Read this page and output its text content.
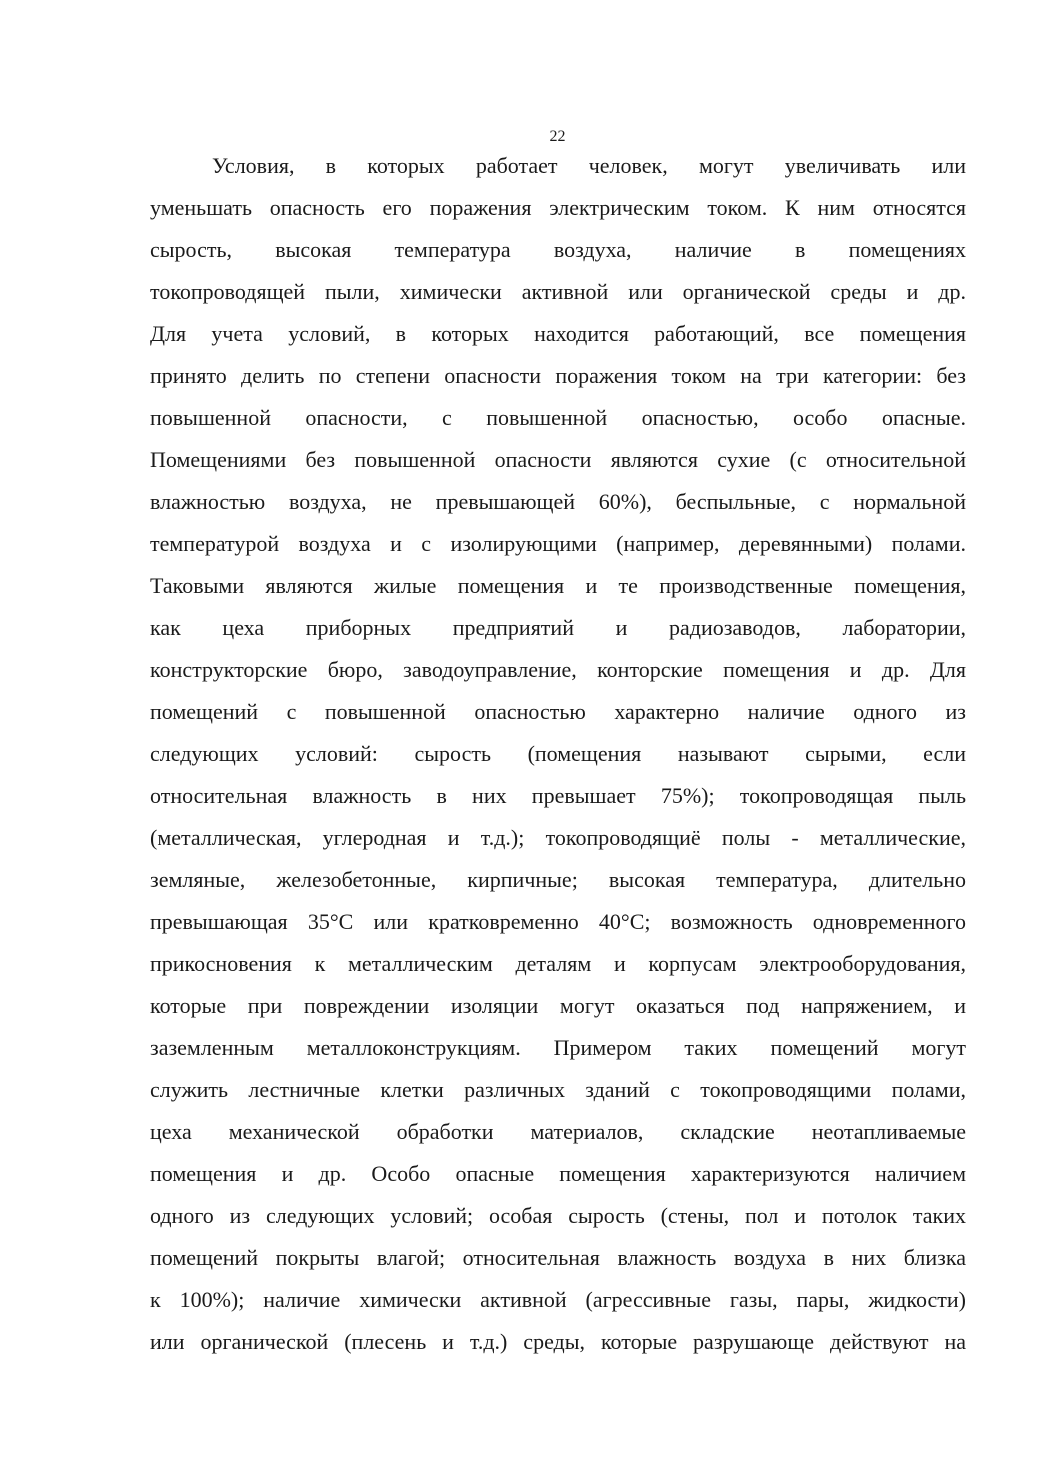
22
Условия, в которых работает человек, могут увеличивать или
уменьшать опасность его поражения электрическим током. К ним относятся
сырость, высокая температура воздуха, наличие в помещениях
токопроводящей пыли, химически активной или органической среды и др.
Для учета условий, в которых находится работающий, все помещения
принято делить по степени опасности поражения током на три категории: без
повышенной опасности, с повышенной опасностью, особо опасные.
Помещениями без повышенной опасности являются сухие (с относительной
влажностью воздуха, не превышающей 60%), беспыльные, с нормальной
температурой воздуха и с изолирующими (например, деревянными) полами.
Таковыми являются жилые помещения и те производственные помещения,
как цеха приборных предприятий и радиозаводов, лаборатории,
конструкторские бюро, заводоуправление, конторские помещения и др. Для
помещений с повышенной опасностью характерно наличие одного из
следующих условий: сырость (помещения называют сырыми, если
относительная влажность в них превышает 75%); токопроводящая пыль
(металлическая, углеродная и т.д.); токопроводящиё полы - металлические,
земляные, железобетонные, кирпичные; высокая температура, длительно
превышающая 35°С или кратковременно 40°С; возможность одновременного
прикосновения к металлическим деталям и корпусам электрооборудования,
которые при повреждении изоляции могут оказаться под напряжением, и
заземленным металлоконструкциям. Примером таких помещений могут
служить лестничные клетки различных зданий с токопроводящими полами,
цеха механической обработки материалов, складские неотапливаемые
помещения и др. Особо опасные помещения характеризуются наличием
одного из следующих условий; особая сырость (стены, пол и потолок таких
помещений покрыты влагой; относительная влажность воздуха в них близка
к 100%); наличие химически активной (агрессивные газы, пары, жидкости)
или органической (плесень и т.д.) среды, которые разрушающе действуют на
